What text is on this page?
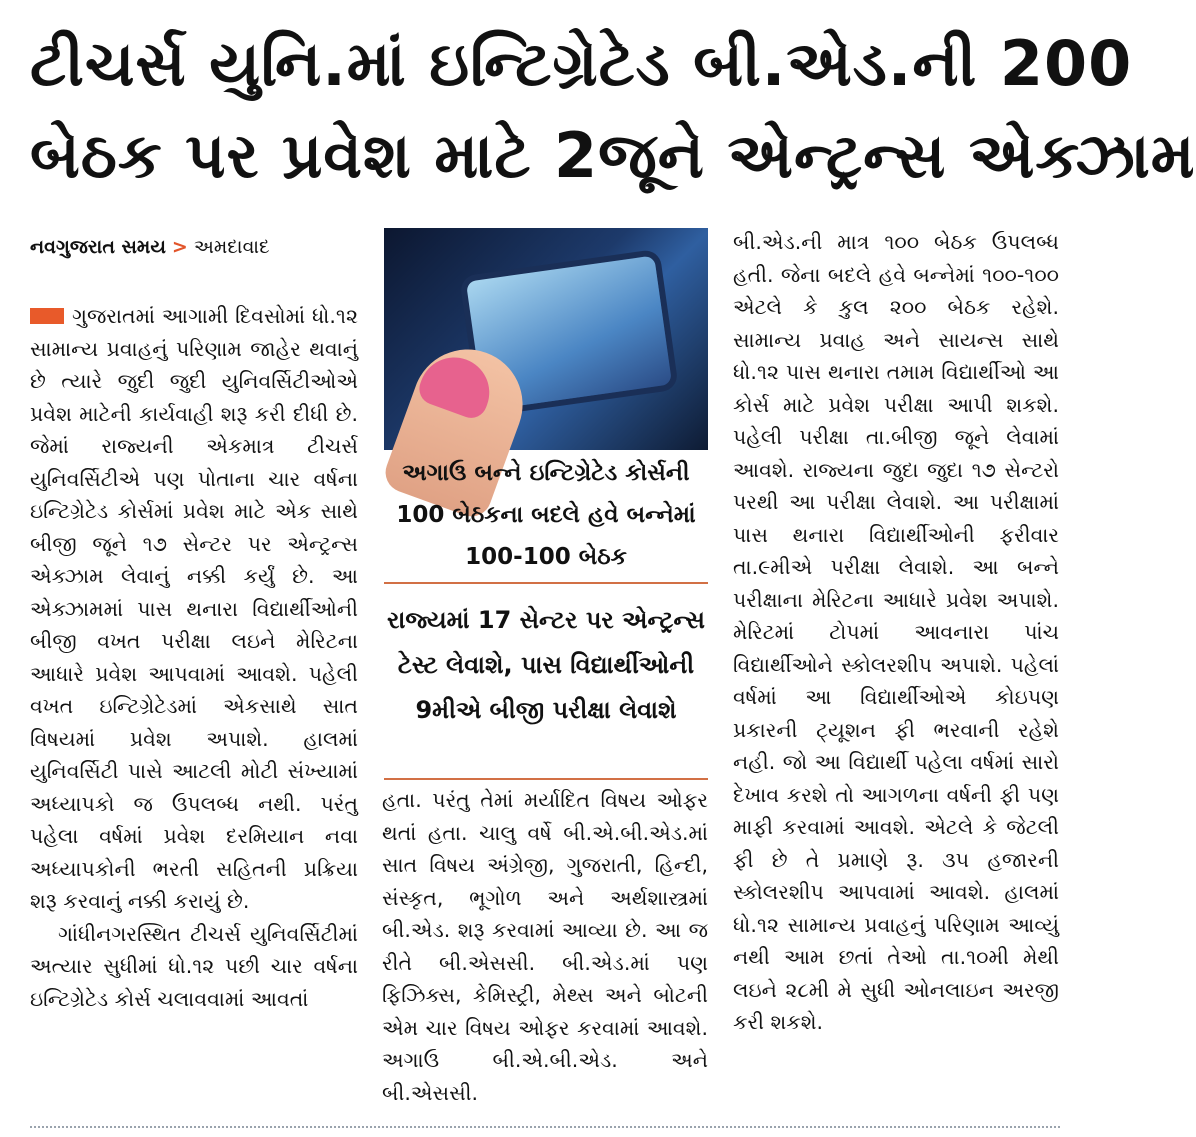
ટીચર્સ યુનિ.માં ઇન્ટિગ્રેટેડ બી.એડ.ની 200
બેઠક પર પ્રવેશ માટે 2જૂને એન્ટ્રન્સ એક્ઝામ
નવગુજરાત સમય > અમદાવાદ

ગુજરાતમાં આગામી દિવસોમાં ધો.૧૨ સામાન્ય પ્રવાહનું પરિણામ જાહેર થવાનું છે ત્યારે જુદી જુદી યુનિવર્સિટીઓએ પ્રવેશ માટેની કાર્યવાહી શરૂ કરી દીધી છે. જેમાં રાજ્યની એકમાત્ર ટીચર્સ યુનિવર્સિટીએ પણ પોતાના ચાર વર્ષના ઇન્ટિગ્રેટેડ કોર્સમાં પ્રવેશ માટે એક સાથે બીજી જૂને ૧૭ સેન્ટર પર એન્ટ્રન્સ એક્ઝામ લેવાનું નક્કી કર્યું છે. આ એક્ઝામમાં પાસ થનારા વિદ્યાર્થીઓની બીજી વખત પરીક્ષા લઇને મેરિટના આધારે પ્રવેશ આપવામાં આવશે. પહેલી વખત ઇન્ટિગ્રેટેડમાં એકસાથે સાત વિષયમાં પ્રવેશ અપાશે. હાલમાં યુનિવર્સિટી પાસે આટલી મોટી સંખ્યામાં અધ્યાપકો જ ઉપલબ્ધ નથી. પરંતુ પહેલા વર્ષમાં પ્રવેશ દરમિયાન નવા અધ્યાપકોની ભરતી સહિતની પ્રક્રિયા શરૂ કરવાનું નક્કી કરાયું છે.

ગાંધીનગરસ્થિત ટીચર્સ યુનિવર્સિટીમાં અત્યાર સુધીમાં ધો.૧૨ પછી ચાર વર્ષના ઇન્ટિગ્રેટેડ કોર્સ ચલાવવામાં આવતાં

અગાઉ બન્ને ઇન્ટિગ્રેટેડ કોર્સની 100 બેઠકના બદલે હવે બન્નેમાં 100-100 બેઠક
રાજ્યમાં 17 સેન્ટર પર એન્ટ્રન્સ ટેસ્ટ લેવાશે, પાસ વિદ્યાર્થીઓની 9મીએ બીજી પરીક્ષા લેવાશે

હતા. પરંતુ તેમાં મર્યાદિત વિષય ઓફર થતાં હતા. ચાલુ વર્ષે બી.એ.બી.એડ.માં સાત વિષય અંગ્રેજી, ગુજરાતી, હિન્દી, સંસ્કૃત, ભૂગોળ અને અર્થશાસ્ત્રમાં બી.એડ. શરૂ કરવામાં આવ્યા છે. આ જ રીતે બી.એસસી. બી.એડ.માં પણ ફિઝિક્સ, કેમિસ્ટ્રી, મેથ્સ અને બોટની એમ ચાર વિષય ઓફર કરવામાં આવશે. અગાઉ બી.એ.બી.એડ. અને બી.એસસી.

બી.એડ.ની માત્ર ૧૦૦ બેઠક ઉપલબ્ધ હતી. જેના બદલે હવે બન્નેમાં ૧૦૦-૧૦૦ એટલે કે કુલ ૨૦૦ બેઠક રહેશે. સામાન્ય પ્રવાહ અને સાયન્સ સાથે ધો.૧૨ પાસ થનારા તમામ વિદ્યાર્થીઓ આ કોર્સ માટે પ્રવેશ પરીક્ષા આપી શકશે. પહેલી પરીક્ષા તા.બીજી જૂને લેવામાં આવશે. રાજ્યના જુદા જુદા ૧૭ સેન્ટરો પરથી આ પરીક્ષા લેવાશે. આ પરીક્ષામાં પાસ થનારા વિદ્યાર્થીઓની ફરીવાર તા.૯મીએ પરીક્ષા લેવાશે. આ બન્ને પરીક્ષાના મેરિટના આધારે પ્રવેશ અપાશે. મેરિટમાં ટોપમાં આવનારા પાંચ વિદ્યાર્થીઓને સ્કોલરશીપ અપાશે. પહેલાં વર્ષમાં આ વિદ્યાર્થીઓએ કોઇપણ પ્રકારની ટ્યૂશન ફી ભરવાની રહેશે નહી. જો આ વિદ્યાર્થી પહેલા વર્ષમાં સારો દેખાવ કરશે તો આગળના વર્ષની ફી પણ માફી કરવામાં આવશે. એટલે કે જેટલી ફી છે તે પ્રમાણે રૂ. ૩૫ હજારની સ્કોલરશીપ આપવામાં આવશે. હાલમાં ધો.૧૨ સામાન્ય પ્રવાહનું પરિણામ આવ્યું નથી આમ છતાં તેઓ તા.૧૦મી મેથી લઇને ૨૮મી મે સુધી ઓનલાઇન અરજી કરી શકશે.
